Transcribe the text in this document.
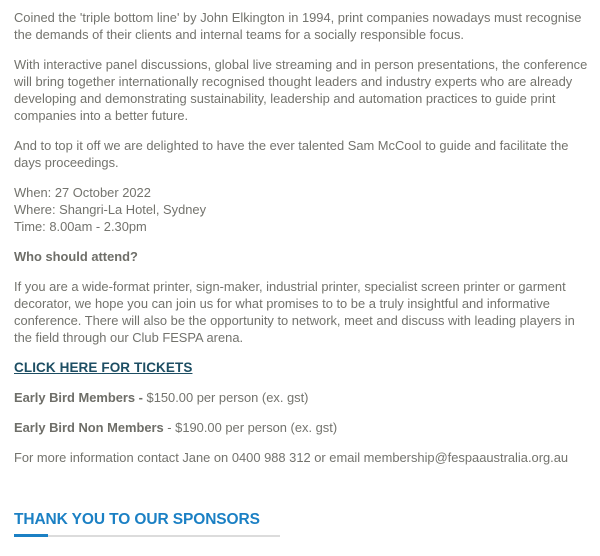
Coined the 'triple bottom line' by John Elkington in 1994, print companies nowadays must recognise the demands of their clients and internal teams for a socially responsible focus.

With interactive panel discussions, global live streaming and in person presentations, the conference will bring together internationally recognised thought leaders and industry experts who are already developing and demonstrating sustainability, leadership and automation practices to guide print companies into a better future.

And to top it off we are delighted to have the ever talented Sam McCool to guide and facilitate the days proceedings.

When: 27 October 2022
Where: Shangri-La Hotel, Sydney
Time: 8.00am - 2.30pm

Who should attend?

If you are a wide-format printer, sign-maker, industrial printer, specialist screen printer or garment decorator, we hope you can join us for what promises to to be a truly insightful and informative conference. There will also be the opportunity to network, meet and discuss with leading players in the field through our Club FESPA arena.

CLICK HERE FOR TICKETS

Early Bird Members - $150.00 per person (ex. gst)

Early Bird Non Members - $190.00 per person (ex. gst)

For more information contact Jane on 0400 988 312 or email membership@fespaaustralia.org.au

THANK YOU TO OUR SPONSORS
